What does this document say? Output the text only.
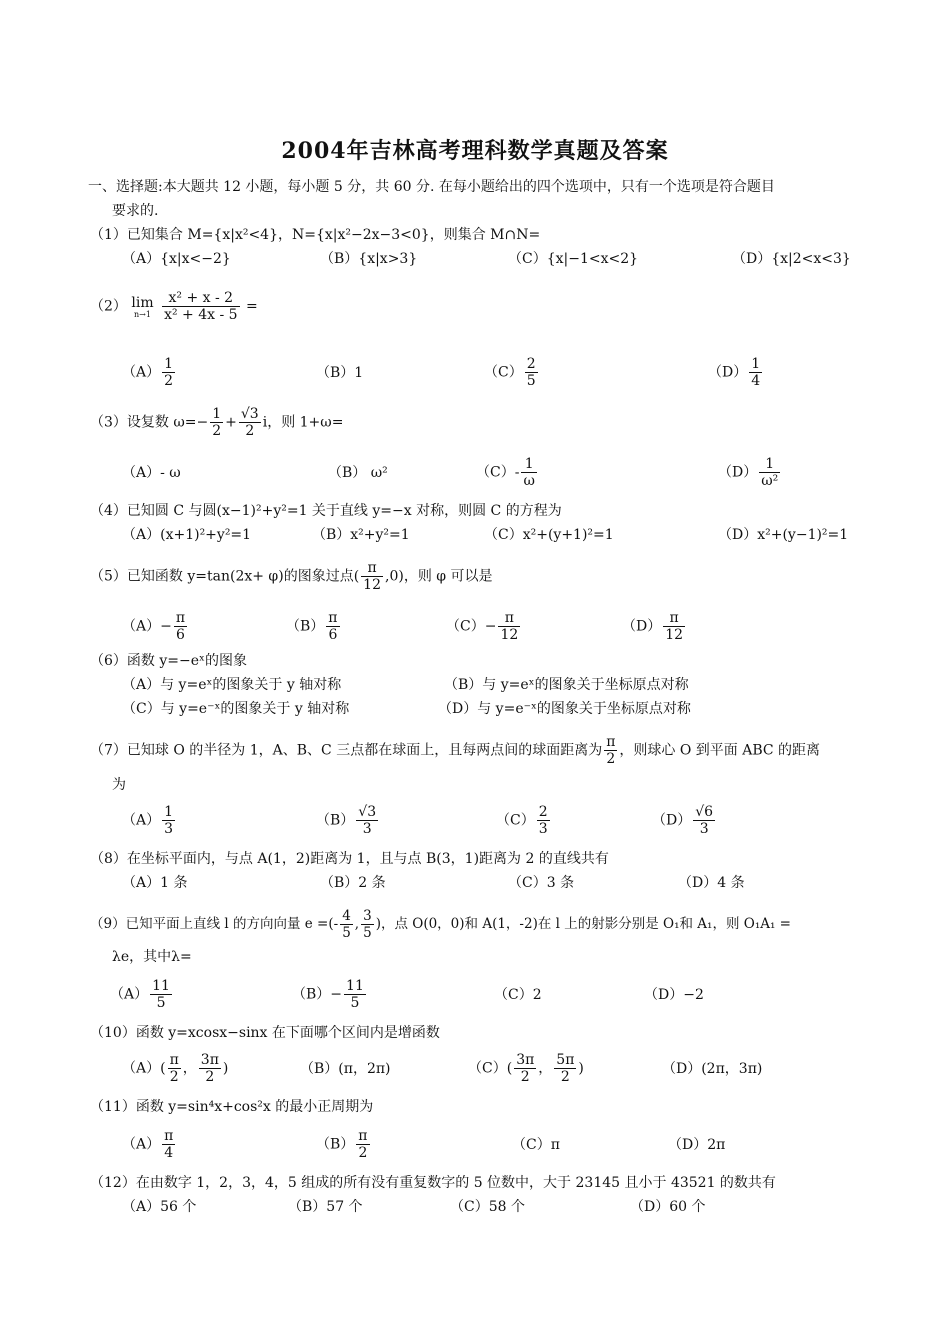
2004年吉林高考理科数学真题及答案
一、选择题:本大题共 12 小题，每小题 5 分，共 60 分. 在每小题给出的四个选项中，只有一个选项是符合题目
要求的.
（1）已知集合 M={x|x²<4}，N={x|x²−2x−3<0}，则集合 M∩N=
（A）{x|x<−2}	（B）{x|x>3}	（C）{x|−1<x<2}	（D）{x|2<x<3}
（2） lim
n→1
$\frac{\text{x² + x - 2}}{\text{x² + 4x - 5}}$ =
$(A) \frac{1}{2}$	（B）1	$(C) \frac{2}{5}$	$(D) \frac{1}{4}$
（3）设复数 $\omega=- \frac{1}{2} + \frac{√3}{2}$ i，则 1+ω=
（A）- ω	（B） ω²	$(C)- \frac{1}{\omega}$	$(D) \frac{1}{\text{ω²}}$
（4）已知圆 C 与圆(x−1)²+y²=1 关于直线 y=−x 对称，则圆 C 的方程为
（A）(x+1)²+y²=1	（B）x²+y²=1	（C）x²+(y+1)²=1	（D）x²+(y−1)²=1
（5）已知函数 y=tan(2x+ φ)的图象过点( $\frac{\pi}{12} ,0$)，则 φ 可以是
$(A)- \frac{\pi}{6}$	$(B) \frac{\pi}{6}$	$(C)- \frac{\pi}{12}$	$(D) \frac{\pi}{12}$
（6）函数 y=−eˣ的图象
（A）与 y=eˣ的图象关于 y 轴对称	（B）与 y=eˣ的图象关于坐标原点对称
（C）与 y=e⁻ˣ的图象关于 y 轴对称	（D）与 y=e⁻ˣ的图象关于坐标原点对称
（7）已知球 O 的半径为 1，A、B、C 三点都在球面上，且每两点间的球面距离为 $\frac{\pi}{2}$ ，则球心 O 到平面 ABC 的距离
为
$(A) \frac{1}{3}$	$(B) \frac{√3}{3}$	$(C) \frac{2}{3}$	$(D) \frac{√6}{3}$
（8）在坐标平面内，与点 A(1，2)距离为 1，且与点 B(3，1)距离为 2 的直线共有
（A）1 条	（B）2 条	（C）3 条	（D）4 条
（9）已知平面上直线 l 的方向向量 e =(- $\frac{4}{5}$ , $\frac{3}{5}$ )，点 O(0，0)和 A(1，-2)在 l 上的射影分别是 O₁和 A₁，则 O₁A₁ =
λe，其中λ=
$(A) \frac{11}{5}$	$(B)- \frac{11}{5}$	（C）2	（D）−2
（10）函数 y=xcosx−sinx 在下面哪个区间内是增函数
$(A)( \frac{\pi}{2}$ ， $\frac{3\pi}{2}$ )	（B）(π，2π)	$(C)( \frac{3\pi}{2}$ ， $\frac{5\pi}{2}$ )	（D）(2π，3π)
（11）函数 y=sin⁴x+cos²x 的最小正周期为
$(A) \frac{\pi}{4}$	$(B) \frac{\pi}{2}$	（C）π	（D）2π
（12）在由数字 1，2，3，4，5 组成的所有没有重复数字的 5 位数中，大于 23145 且小于 43521 的数共有
（A）56 个	（B）57 个	（C）58 个	（D）60 个
